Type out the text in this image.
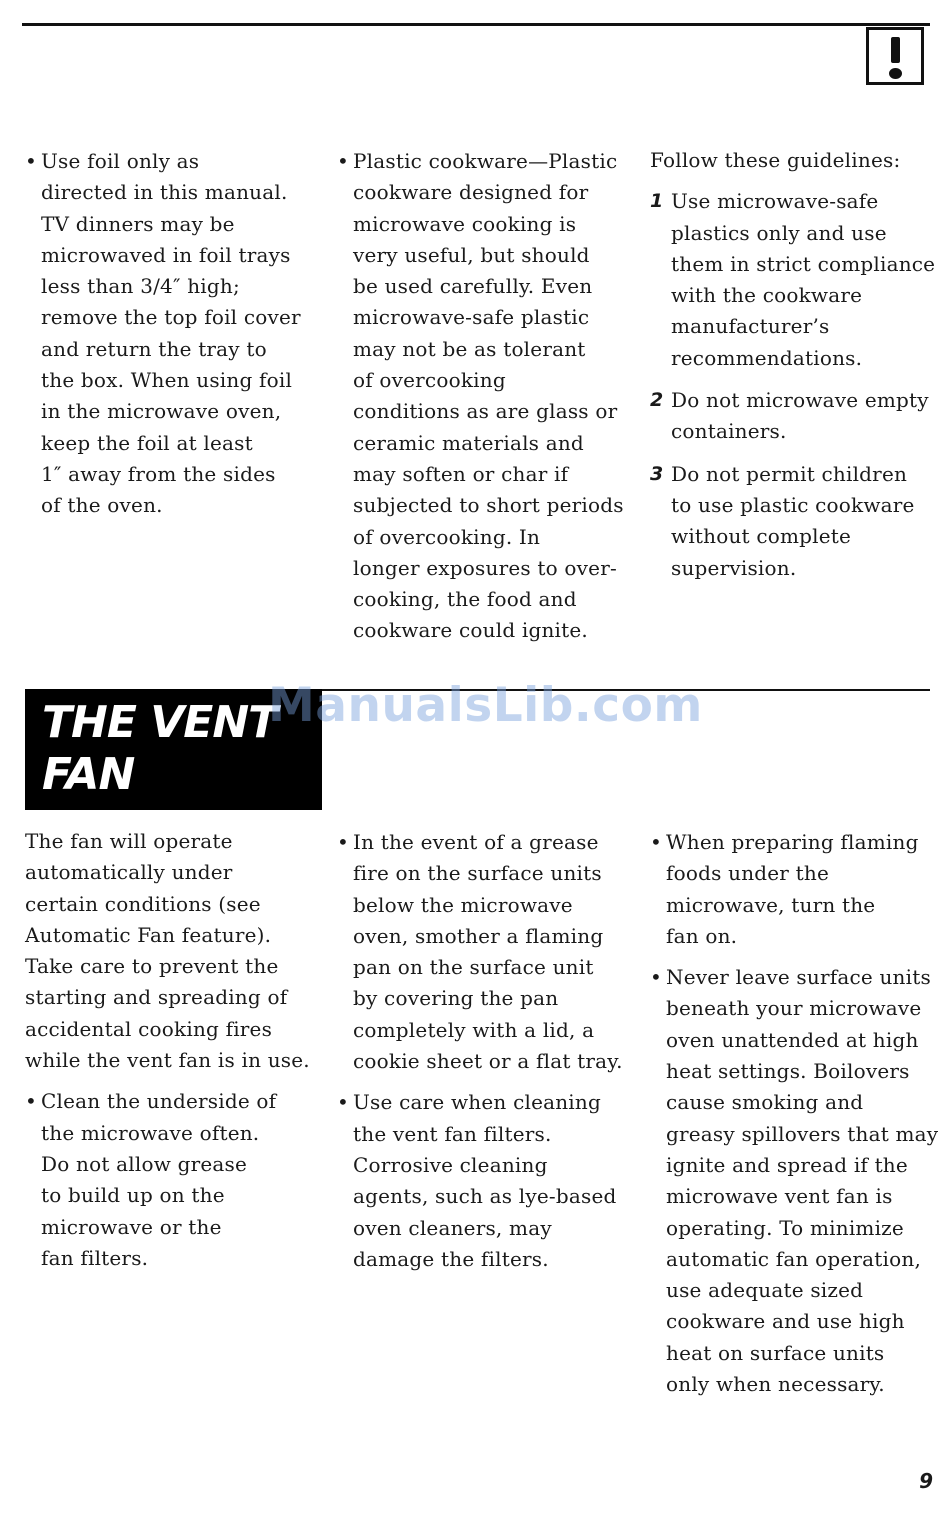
• Use foil only as
directed in this manual.
TV dinners may be
microwaved in foil trays
less than 3/4″ high;
remove the top foil cover
and return the tray to
the box. When using foil
in the microwave oven,
keep the foil at least
1″ away from the sides
of the oven.
• Plastic cookware—Plastic
cookware designed for
microwave cooking is
very useful, but should
be used carefully. Even
microwave-safe plastic
may not be as tolerant
of overcooking
conditions as are glass or
ceramic materials and
may soften or char if
subjected to short periods
of overcooking. In
longer exposures to over-
cooking, the food and
cookware could ignite.
Follow these guidelines:
1 Use microwave-safe
plastics only and use
them in strict compliance
with the cookware
manufacturer’s
recommendations.
2 Do not microwave empty
containers.
3 Do not permit children
to use plastic cookware
without complete
supervision.
THE VENT
FAN
ManualsLib.com
The fan will operate
automatically under
certain conditions (see
Automatic Fan feature).
Take care to prevent the
starting and spreading of
accidental cooking fires
while the vent fan is in use.
• Clean the underside of
the microwave often.
Do not allow grease
to build up on the
microwave or the
fan filters.
• In the event of a grease
fire on the surface units
below the microwave
oven, smother a flaming
pan on the surface unit
by covering the pan
completely with a lid, a
cookie sheet or a flat tray.
• Use care when cleaning
the vent fan filters.
Corrosive cleaning
agents, such as lye-based
oven cleaners, may
damage the filters.
• When preparing flaming
foods under the
microwave, turn the
fan on.
• Never leave surface units
beneath your microwave
oven unattended at high
heat settings. Boilovers
cause smoking and
greasy spillovers that may
ignite and spread if the
microwave vent fan is
operating. To minimize
automatic fan operation,
use adequate sized
cookware and use high
heat on surface units
only when necessary.
9
